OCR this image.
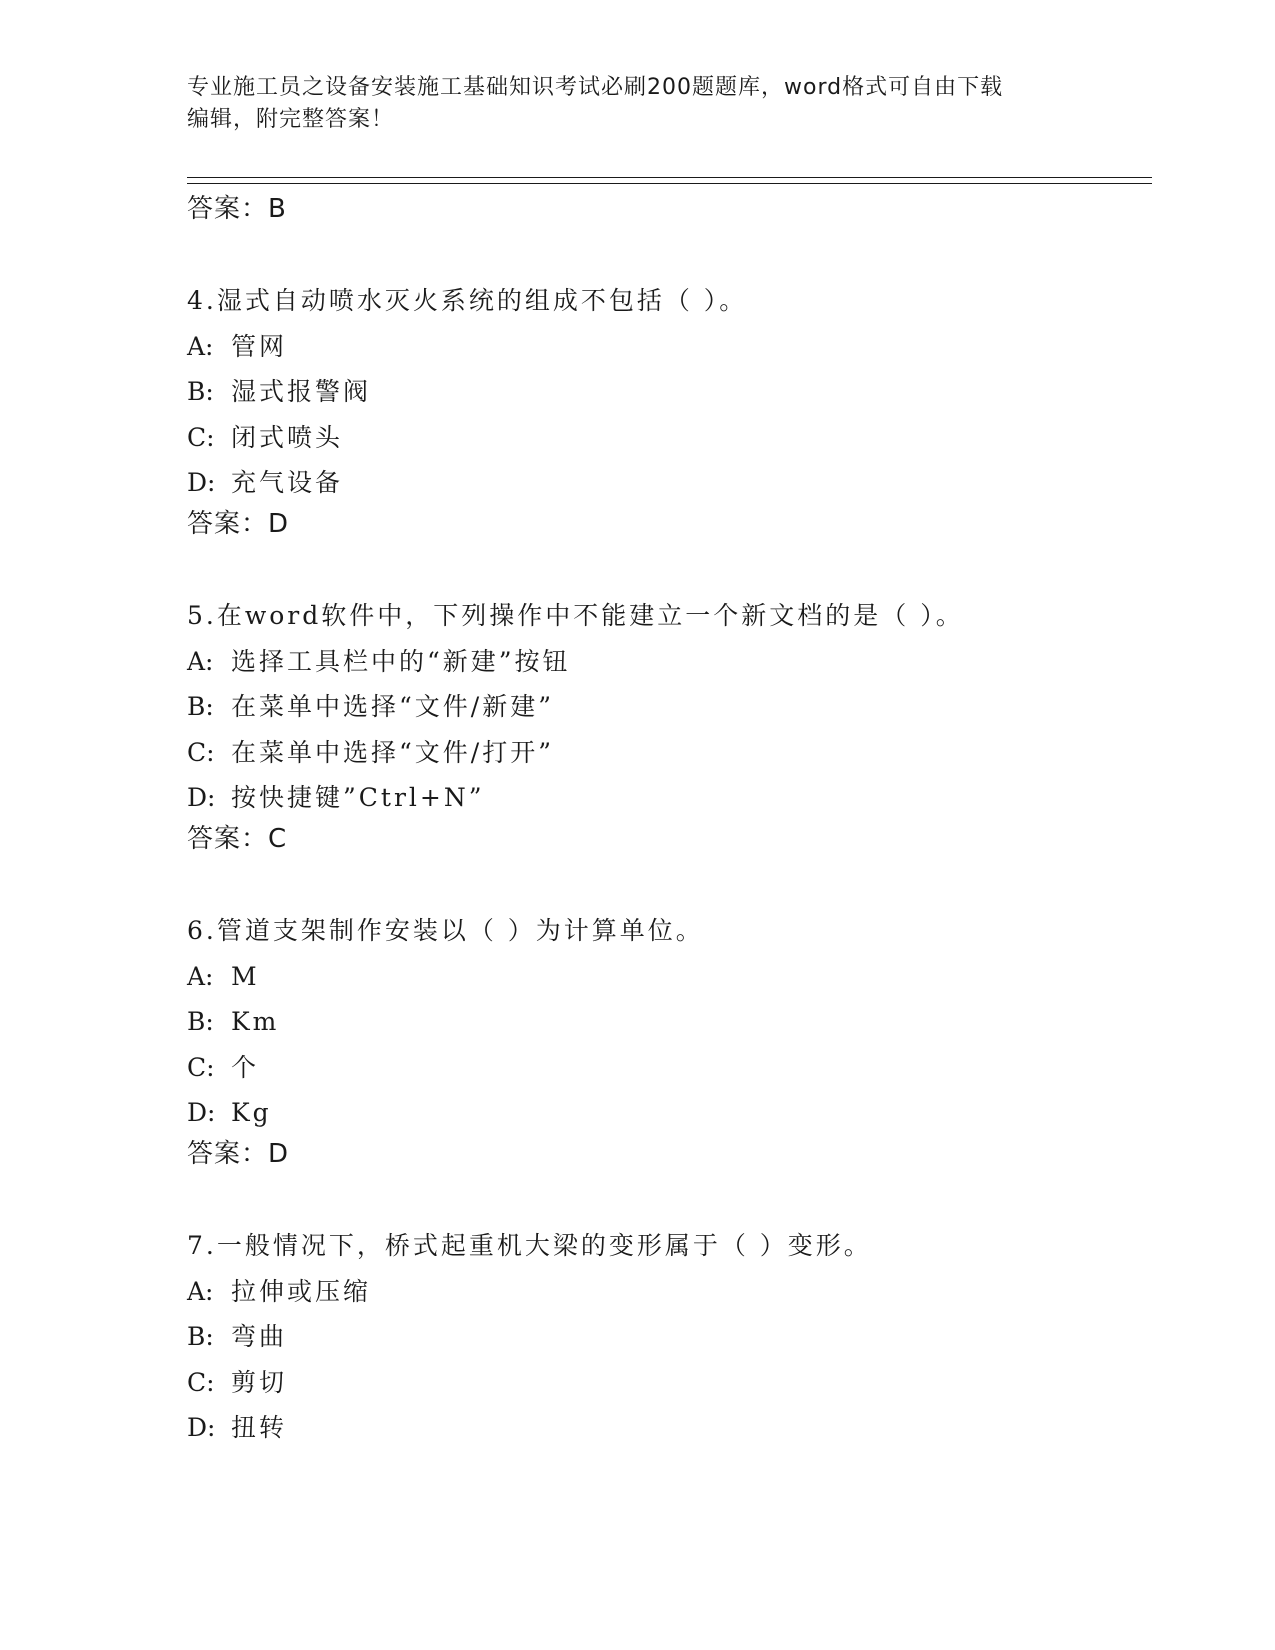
专业施工员之设备安装施工基础知识考试必刷200题题库，word格式可自由下载
编辑，附完整答案！
答案：B
4.湿式自动喷水灭火系统的组成不包括（ ）。
A: 管网
B: 湿式报警阀
C: 闭式喷头
D: 充气设备
答案：D
5.在word软件中，下列操作中不能建立一个新文档的是（ ）。
A: 选择工具栏中的“新建”按钮
B: 在菜单中选择“文件/新建”
C: 在菜单中选择“文件/打开”
D: 按快捷键”Ctrl+N”
答案：C
6.管道支架制作安装以（ ）为计算单位。
A: M
B: Km
C: 个
D: Kg
答案：D
7.一般情况下，桥式起重机大梁的变形属于（ ）变形。
A: 拉伸或压缩
B: 弯曲
C: 剪切
D: 扭转
